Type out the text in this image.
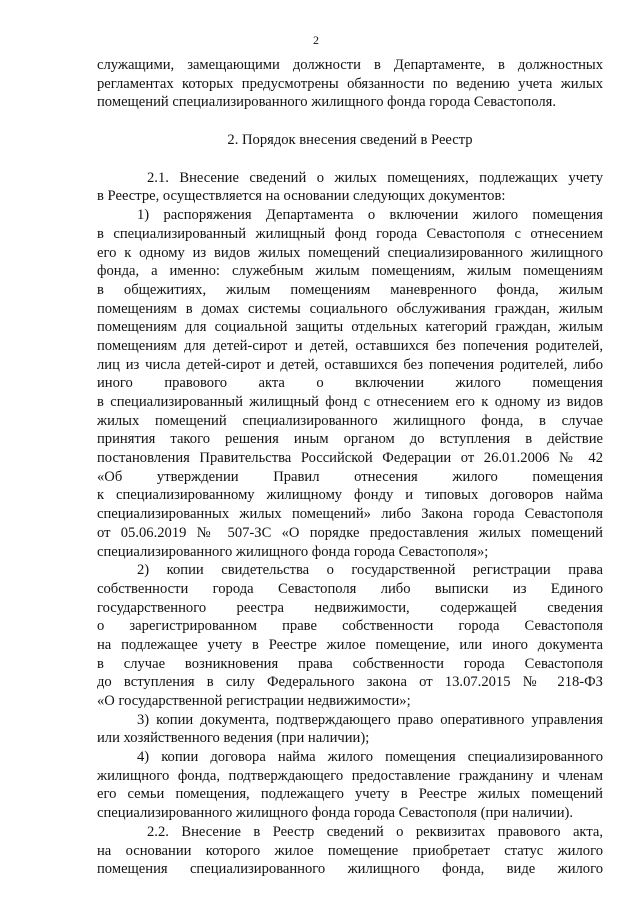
2
служащими, замещающими должности в Департаменте, в должностных
регламентах которых предусмотрены обязанности по ведению учета жилых
помещений специализированного жилищного фонда города Севастополя.
2. Порядок внесения сведений в Реестр
2.1. Внесение сведений о жилых помещениях, подлежащих учету
в Реестре, осуществляется на основании следующих документов:
1) распоряжения Департамента о включении жилого помещения
в специализированный жилищный фонд города Севастополя с отнесением
его к одному из видов жилых помещений специализированного жилищного
фонда, а именно: служебным жилым помещениям, жилым помещениям
в общежитиях, жилым помещениям маневренного фонда, жилым
помещениям в домах системы социального обслуживания граждан, жилым
помещениям для социальной защиты отдельных категорий граждан, жилым
помещениям для детей-сирот и детей, оставшихся без попечения родителей,
лиц из числа детей-сирот и детей, оставшихся без попечения родителей, либо
иного правового акта о включении жилого помещения
в специализированный жилищный фонд с отнесением его к одному из видов
жилых помещений специализированного жилищного фонда, в случае
принятия такого решения иным органом до вступления в действие
постановления Правительства Российской Федерации от 26.01.2006 № 42
«Об утверждении Правил отнесения жилого помещения
к специализированному жилищному фонду и типовых договоров найма
специализированных жилых помещений» либо Закона города Севастополя
от 05.06.2019 № 507-ЗС «О порядке предоставления жилых помещений
специализированного жилищного фонда города Севастополя»;
2) копии свидетельства о государственной регистрации права
собственности города Севастополя либо выписки из Единого
государственного реестра недвижимости, содержащей сведения
о зарегистрированном праве собственности города Севастополя
на подлежащее учету в Реестре жилое помещение, или иного документа
в случае возникновения права собственности города Севастополя
до вступления в силу Федерального закона от 13.07.2015 № 218-ФЗ
«О государственной регистрации недвижимости»;
3) копии документа, подтверждающего право оперативного управления
или хозяйственного ведения (при наличии);
4) копии договора найма жилого помещения специализированного
жилищного фонда, подтверждающего предоставление гражданину и членам
его семьи помещения, подлежащего учету в Реестре жилых помещений
специализированного жилищного фонда города Севастополя (при наличии).
2.2. Внесение в Реестр сведений о реквизитах правового акта,
на основании которого жилое помещение приобретает статус жилого
помещения специализированного жилищного фонда, виде жилого
